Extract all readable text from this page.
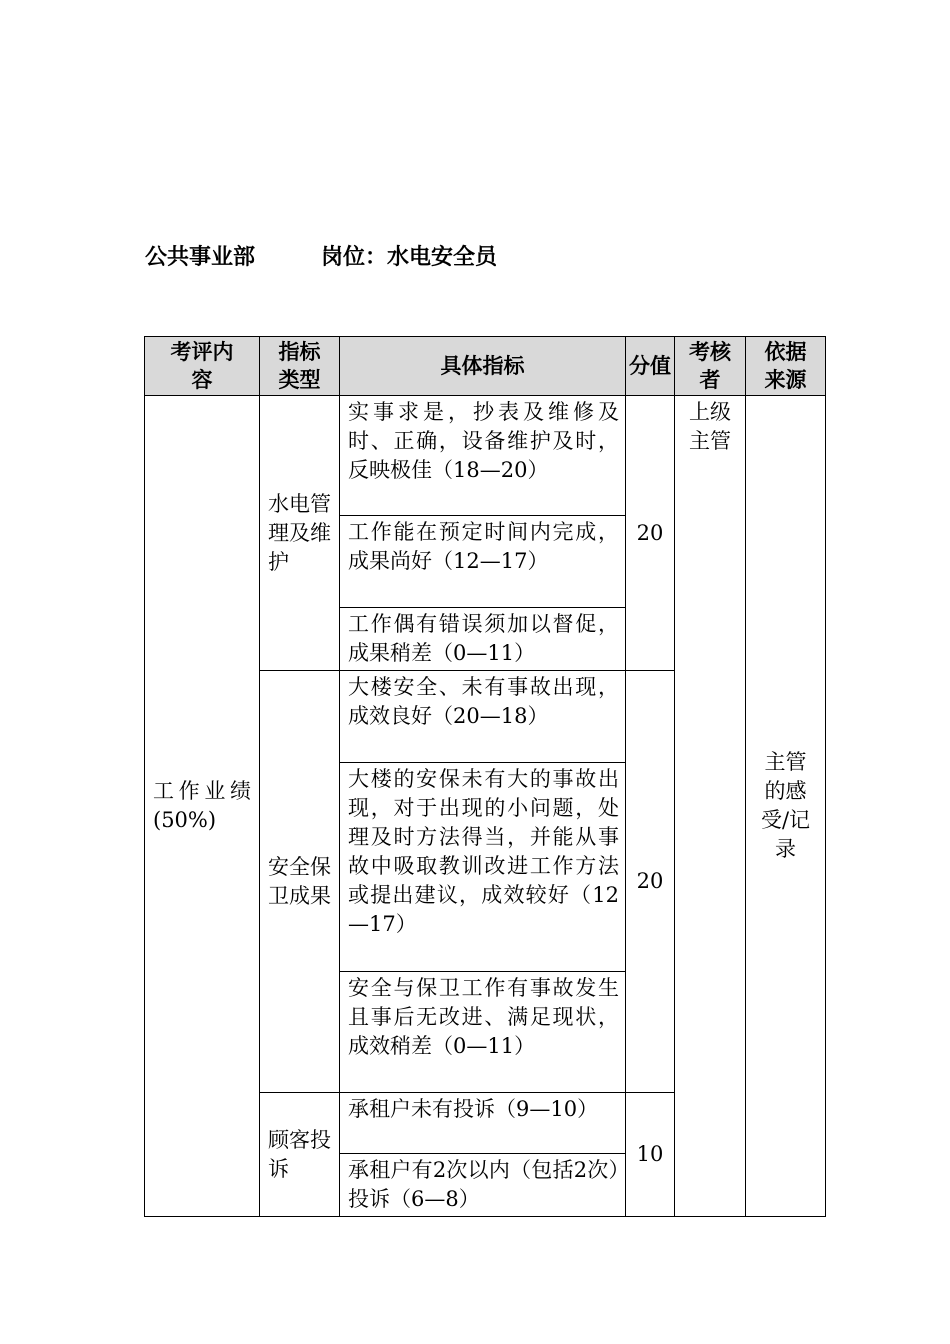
公共事业部	岗位：水电安全员
考评内容	指标类型	具体指标	分值	考核者	依据来源
工作业绩(50%)	水电管理及维护	实事求是，抄表及维修及时、正确，设备维护及时，反映极佳（18—20）	20	上级主管	主管的感受/记录

		工作能在预定时间内完成，成果尚好（12—17）			
		工作偶有错误须加以督促，成果稍差（0—11）			
	安全保卫成果	大楼安全、未有事故出现，成效良好（20—18）	20		
		大楼的安保未有大的事故出现，对于出现的小问题，处理及时方法得当，并能从事故中吸取教训改进工作方法或提出建议，成效较好（12—17）			
		安全与保卫工作有事故发生且事后无改进、满足现状，成效稍差（0—11）			
	顾客投诉	承租户未有投诉（9—10）	10		
		承租户有2次以内（包括2次）投诉（6—8）			
